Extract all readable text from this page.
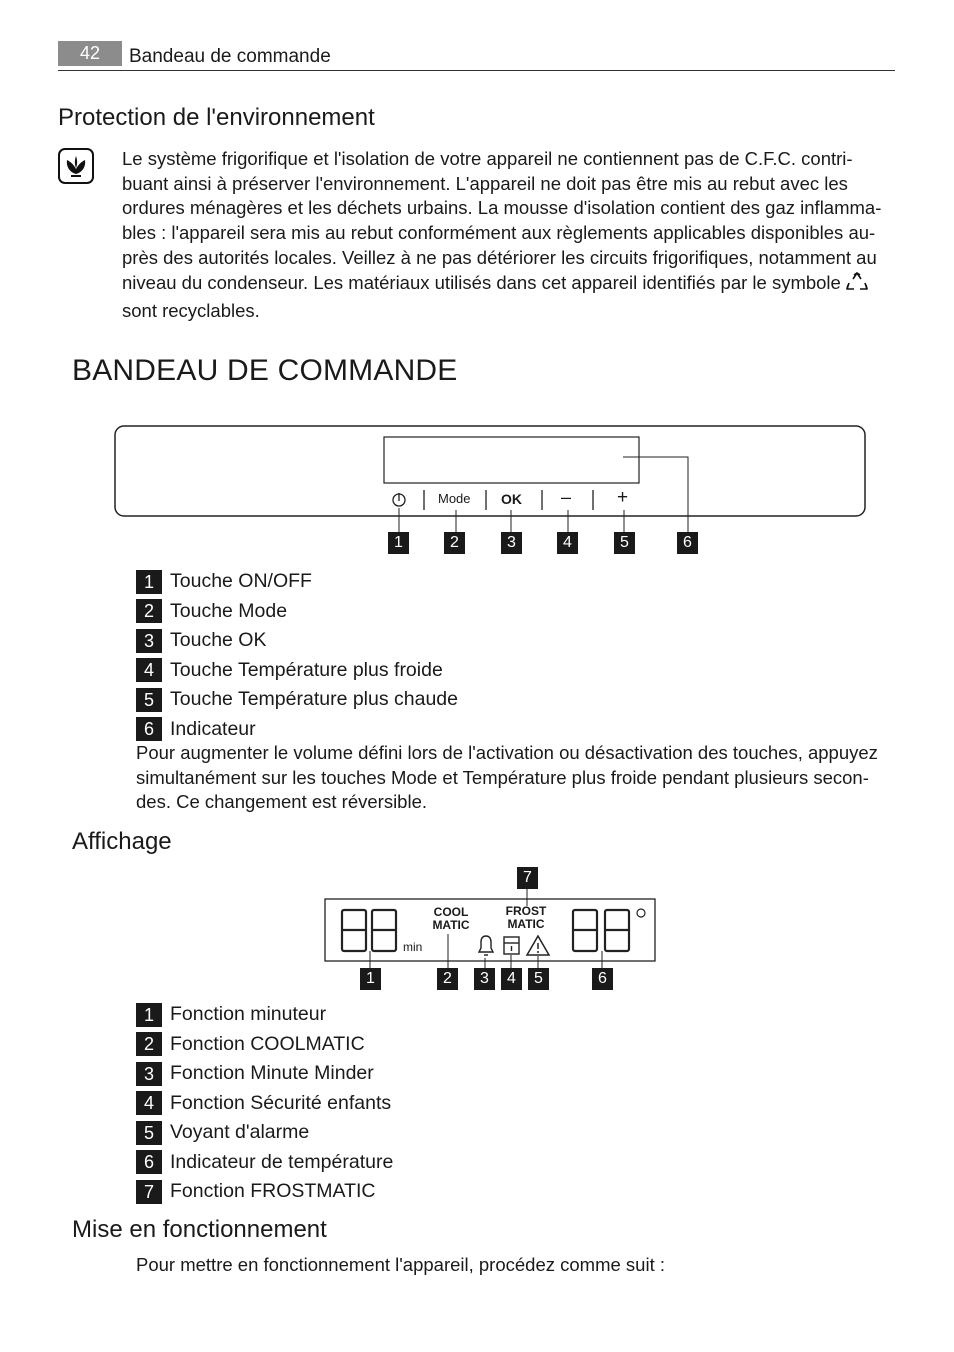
42	Bandeau de commande
Protection de l'environnement
Le système frigorifique et l'isolation de votre appareil ne contiennent pas de C.F.C. contri-
buant ainsi à préserver l'environnement. L'appareil ne doit pas être mis au rebut avec les
ordures ménagères et les déchets urbains. La mousse d'isolation contient des gaz inflamma-
bles : l'appareil sera mis au rebut conformément aux règlements applicables disponibles au-
près des autorités locales. Veillez à ne pas détériorer les circuits frigorifiques, notamment au
niveau du condenseur. Les matériaux utilisés dans cet appareil identifiés par le symbole
sont recyclables.
BANDEAU DE COMMANDE
Mode OK – +
1	2	3	4	5	6
1 Touche ON/OFF
2 Touche Mode
3 Touche OK
4 Touche Température plus froide
5 Touche Température plus chaude
6 Indicateur
Pour augmenter le volume défini lors de l'activation ou désactivation des touches, appuyez
simultanément sur les touches Mode et Température plus froide pendant plusieurs secon-
des. Ce changement est réversible.
Affichage
min
COOL
MATIC
FROST
MATIC
7
1	2	3	4	5	6
1 Fonction minuteur
2 Fonction COOLMATIC
3 Fonction Minute Minder
4 Fonction Sécurité enfants
5 Voyant d'alarme
6 Indicateur de température
7 Fonction FROSTMATIC
Mise en fonctionnement
Pour mettre en fonctionnement l'appareil, procédez comme suit :
